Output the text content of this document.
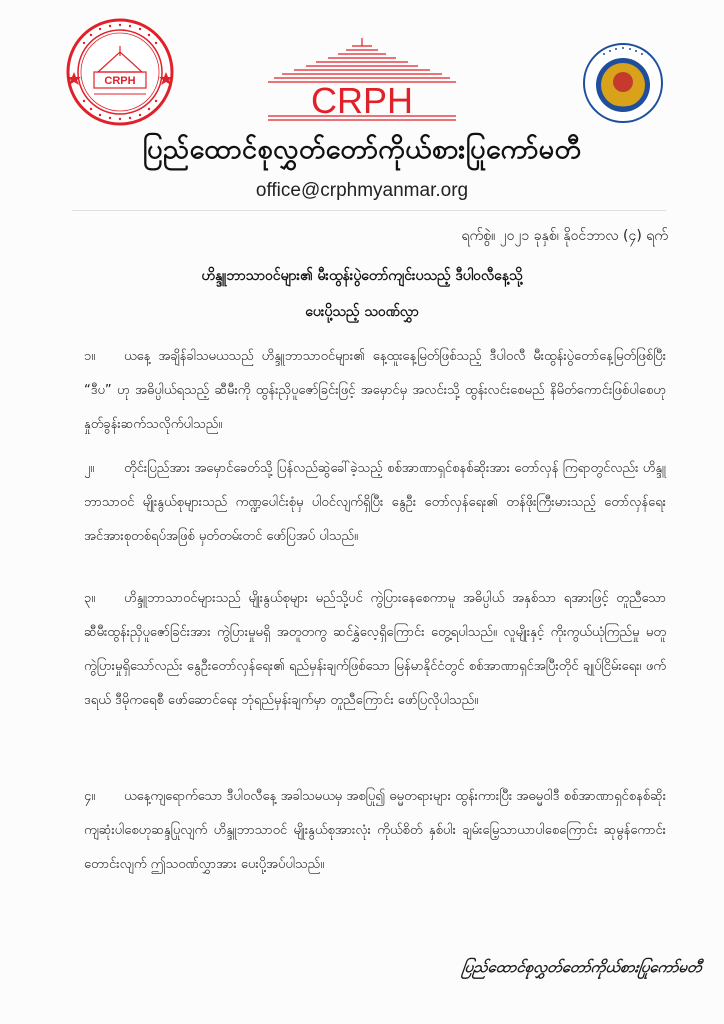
CRPH	CRPH
ပြည်ထောင်စုလွှတ်တော်ကိုယ်စားပြုကော်မတီ
office@crphmyanmar.org
ရက်စွဲ။ ၂၀၂၁ ခုနှစ်၊ နိုဝင်ဘာလ (၄) ရက်
ဟိန္ဒူဘာသာဝင်များ၏ မီးထွန်းပွဲတော်ကျင်းပသည့် ဒီပါဝလီနေ့သို့
ပေးပို့သည့် သဝဏ်လွှာ

၁။ ယနေ့ အချိန်ခါသမယသည် ဟိန္ဒူဘာသာဝင်များ၏ နေ့ထူးနေ့မြတ်ဖြစ်သည့် ဒီပါဝလီ မီးထွန်းပွဲတော်နေ့မြတ်ဖြစ်ပြီး “ဒီပ” ဟု အဓိပ္ပါယ်ရသည့် ဆီမီးကို ထွန်းညှိပူဇော်ခြင်းဖြင့် အမှောင်မှ အလင်းသို့ ထွန်းလင်းစေမည် နိမိတ်ကောင်းဖြစ်ပါစေဟု နှုတ်ခွန်းဆက်သလိုက်ပါသည်။

၂။ တိုင်းပြည်အား အမှောင်ခေတ်သို့ ပြန်လည်ဆွဲခေါ်ခဲ့သည့် စစ်အာဏာရှင်စနစ်ဆိုးအား တော်လှန် ကြရာတွင်လည်း ဟိန္ဒူဘာသာဝင် မျိုးနွယ်စုများသည် ကဏ္ဍပေါင်းစုံမှ ပါဝင်လျက်ရှိပြီး နွေဦး တော်လှန်ရေး၏ တန်ဖိုးကြီးမားသည့် တော်လှန်ရေးအင်အားစုတစ်ရပ်အဖြစ် မှတ်တမ်းတင် ဖော်ပြအပ် ပါသည်။

၃။ ဟိန္ဒူဘာသာဝင်များသည် မျိုးနွယ်စုများ မည်သို့ပင် ကွဲပြားနေစေကာမူ အဓိပ္ပါယ် အနှစ်သာ ရအားဖြင့် တူညီသော ဆီမီးထွန်းညှိပူဇော်ခြင်းအား ကွဲပြားမှုမရှိ အတူတကွ ဆင်နွှဲလေ့ရှိကြောင်း တွေ့ရပါသည်။ လူမျိုးနှင့် ကိုးကွယ်ယုံကြည်မှု မတူကွဲပြားမှုရှိသော်လည်း နွေဦးတော်လှန်ရေး၏ ရည်မှန်းချက်ဖြစ်သော မြန်မာနိုင်ငံတွင် စစ်အာဏာရှင်အပြီးတိုင် ချုပ်ငြိမ်းရေး၊ ဖက်ဒရယ် ဒီမိုကရေစီ ဖော်ဆောင်ရေး ဘုံရည်မှန်းချက်မှာ တူညီကြောင်း ဖော်ပြလိုပါသည်။

၄။ ယနေ့ကျရောက်သော ဒီပါဝလီနေ့ အခါသမယမှ အစပြု၍ ဓမ္မတရားများ ထွန်းကားပြီး အဓမ္မဝါဒီ စစ်အာဏာရှင်စနစ်ဆိုး ကျဆုံးပါစေဟုဆန္ဒပြုလျက် ဟိန္ဒူဘာသာဝင် မျိုးနွယ်စုအားလုံး ကိုယ်စိတ် နှစ်ပါး ချမ်းမြေ့သာယာပါစေကြောင်း ဆုမွန်ကောင်းတောင်းလျက် ဤသဝဏ်လွှာအား ပေးပို့အပ်ပါသည်။

ပြည်ထောင်စုလွှတ်တော်ကိုယ်စားပြုကော်မတီ
